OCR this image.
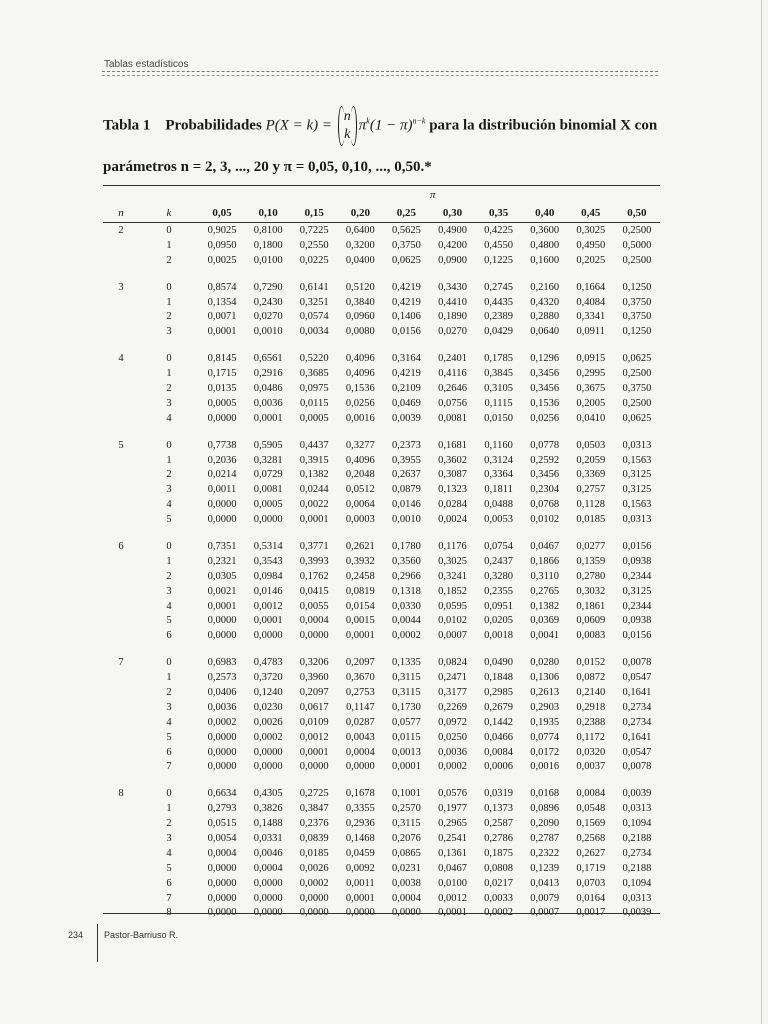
Tablas estadísticos
Tabla 1 Probabilidades P(X = k) =
n
k
$\pi^k(1 - \pi)^{n-k}$ para la distribución binomial X con
parámetros n = 2, 3, ..., 20 y π = 0,05, 0,10, ..., 0,50.*
π
n	k	0,05	0,10	0,15	0,20	0,25	0,30	0,35	0,40	0,45	0,50
2	0	0,9025	0,8100	0,7225	0,6400	0,5625	0,4900	0,4225	0,3600	0,3025	0,2500
	1	0,0950	0,1800	0,2550	0,3200	0,3750	0,4200	0,4550	0,4800	0,4950	0,5000
	2	0,0025	0,0100	0,0225	0,0400	0,0625	0,0900	0,1225	0,1600	0,2025	0,2500
3	0	0,8574	0,7290	0,6141	0,5120	0,4219	0,3430	0,2745	0,2160	0,1664	0,1250
	1	0,1354	0,2430	0,3251	0,3840	0,4219	0,4410	0,4435	0,4320	0,4084	0,3750
	2	0,0071	0,0270	0,0574	0,0960	0,1406	0,1890	0,2389	0,2880	0,3341	0,3750
	3	0,0001	0,0010	0,0034	0,0080	0,0156	0,0270	0,0429	0,0640	0,0911	0,1250
4	0	0,8145	0,6561	0,5220	0,4096	0,3164	0,2401	0,1785	0,1296	0,0915	0,0625
	1	0,1715	0,2916	0,3685	0,4096	0,4219	0,4116	0,3845	0,3456	0,2995	0,2500
	2	0,0135	0,0486	0,0975	0,1536	0,2109	0,2646	0,3105	0,3456	0,3675	0,3750
	3	0,0005	0,0036	0,0115	0,0256	0,0469	0,0756	0,1115	0,1536	0,2005	0,2500
	4	0,0000	0,0001	0,0005	0,0016	0,0039	0,0081	0,0150	0,0256	0,0410	0,0625
5	0	0,7738	0,5905	0,4437	0,3277	0,2373	0,1681	0,1160	0,0778	0,0503	0,0313
	1	0,2036	0,3281	0,3915	0,4096	0,3955	0,3602	0,3124	0,2592	0,2059	0,1563
	2	0,0214	0,0729	0,1382	0,2048	0,2637	0,3087	0,3364	0,3456	0,3369	0,3125
	3	0,0011	0,0081	0,0244	0,0512	0,0879	0,1323	0,1811	0,2304	0,2757	0,3125
	4	0,0000	0,0005	0,0022	0,0064	0,0146	0,0284	0,0488	0,0768	0,1128	0,1563
	5	0,0000	0,0000	0,0001	0,0003	0,0010	0,0024	0,0053	0,0102	0,0185	0,0313
6	0	0,7351	0,5314	0,3771	0,2621	0,1780	0,1176	0,0754	0,0467	0,0277	0,0156
	1	0,2321	0,3543	0,3993	0,3932	0,3560	0,3025	0,2437	0,1866	0,1359	0,0938
	2	0,0305	0,0984	0,1762	0,2458	0,2966	0,3241	0,3280	0,3110	0,2780	0,2344
	3	0,0021	0,0146	0,0415	0,0819	0,1318	0,1852	0,2355	0,2765	0,3032	0,3125
	4	0,0001	0,0012	0,0055	0,0154	0,0330	0,0595	0,0951	0,1382	0,1861	0,2344
	5	0,0000	0,0001	0,0004	0,0015	0,0044	0,0102	0,0205	0,0369	0,0609	0,0938
	6	0,0000	0,0000	0,0000	0,0001	0,0002	0,0007	0,0018	0,0041	0,0083	0,0156
7	0	0,6983	0,4783	0,3206	0,2097	0,1335	0,0824	0,0490	0,0280	0,0152	0,0078
	1	0,2573	0,3720	0,3960	0,3670	0,3115	0,2471	0,1848	0,1306	0,0872	0,0547
	2	0,0406	0,1240	0,2097	0,2753	0,3115	0,3177	0,2985	0,2613	0,2140	0,1641
	3	0,0036	0,0230	0,0617	0,1147	0,1730	0,2269	0,2679	0,2903	0,2918	0,2734
	4	0,0002	0,0026	0,0109	0,0287	0,0577	0,0972	0,1442	0,1935	0,2388	0,2734
	5	0,0000	0,0002	0,0012	0,0043	0,0115	0,0250	0,0466	0,0774	0,1172	0,1641
	6	0,0000	0,0000	0,0001	0,0004	0,0013	0,0036	0,0084	0,0172	0,0320	0,0547
	7	0,0000	0,0000	0,0000	0,0000	0,0001	0,0002	0,0006	0,0016	0,0037	0,0078
8	0	0,6634	0,4305	0,2725	0,1678	0,1001	0,0576	0,0319	0,0168	0,0084	0,0039
	1	0,2793	0,3826	0,3847	0,3355	0,2570	0,1977	0,1373	0,0896	0,0548	0,0313
	2	0,0515	0,1488	0,2376	0,2936	0,3115	0,2965	0,2587	0,2090	0,1569	0,1094
	3	0,0054	0,0331	0,0839	0,1468	0,2076	0,2541	0,2786	0,2787	0,2568	0,2188
	4	0,0004	0,0046	0,0185	0,0459	0,0865	0,1361	0,1875	0,2322	0,2627	0,2734
	5	0,0000	0,0004	0,0026	0,0092	0,0231	0,0467	0,0808	0,1239	0,1719	0,2188
	6	0,0000	0,0000	0,0002	0,0011	0,0038	0,0100	0,0217	0,0413	0,0703	0,1094
	7	0,0000	0,0000	0,0000	0,0001	0,0004	0,0012	0,0033	0,0079	0,0164	0,0313
	8	0,0000	0,0000	0,0000	0,0000	0,0000	0,0001	0,0002	0,0007	0,0017	0,0039
234 Pastor-Barriuso R.
